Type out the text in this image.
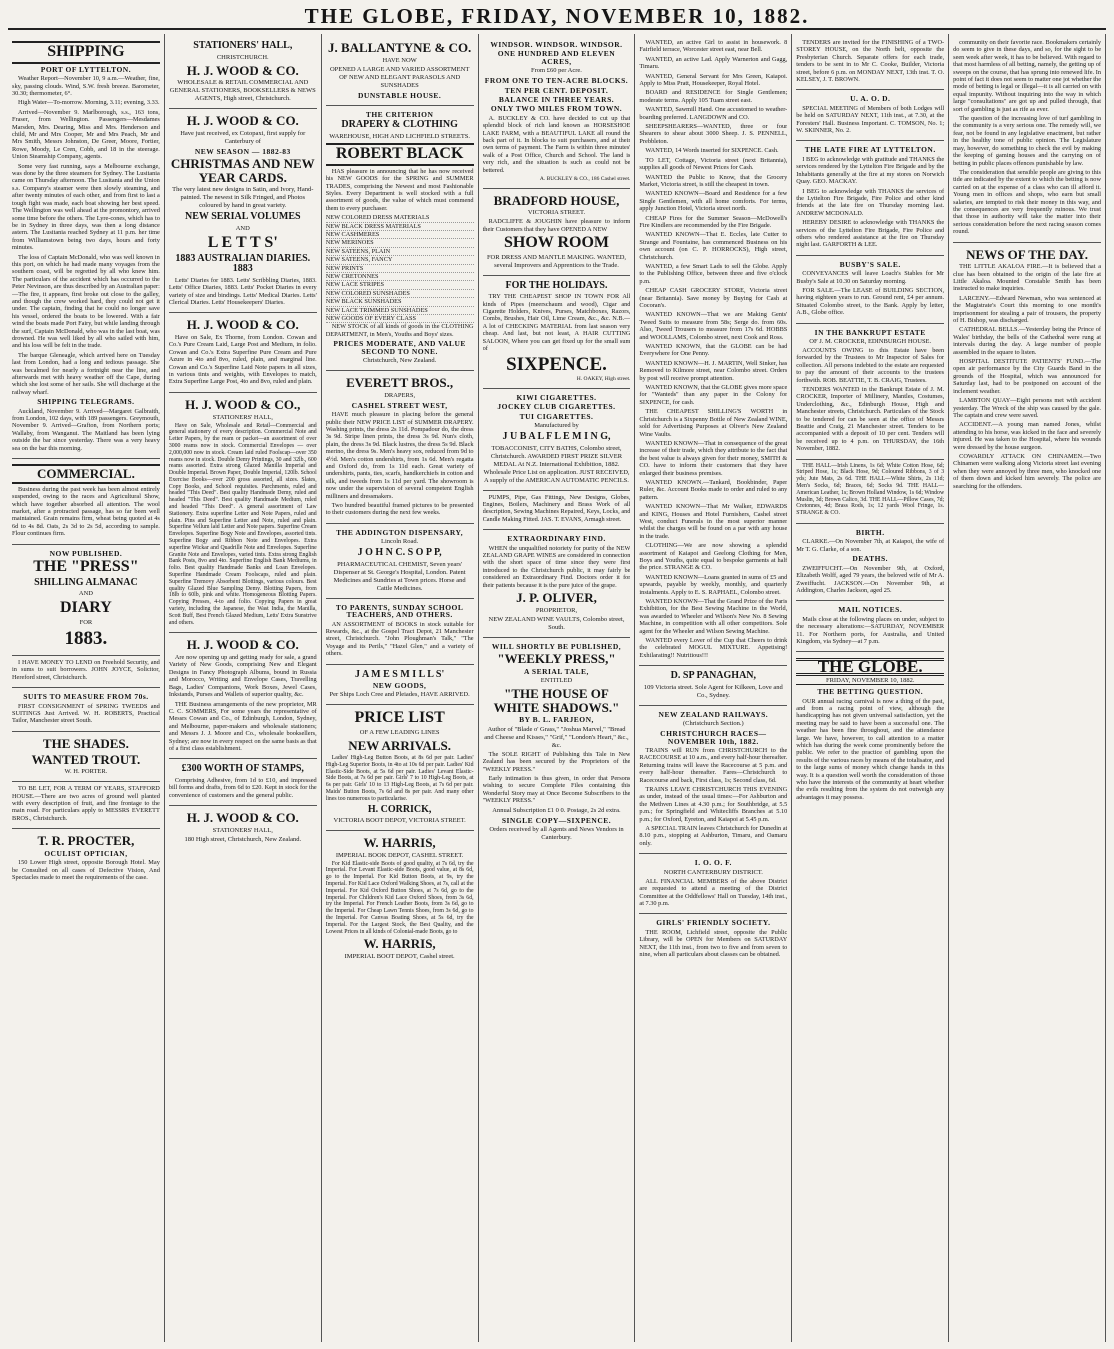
THE GLOBE, FRIDAY, NOVEMBER 10, 1882.
SHIPPING
PORT OF LYTTELTON.
Weather Report—November 10, 9 a.m.—Weather, fine, sky, passing clouds. Wind, S.W. fresh breeze. Barometer, 30.30; thermometer, 6°.
High Water—To-morrow. Morning, 3.11; evening, 3.33.
Arrived—November 9. Marlborough, s.s., 163 tons, Fraser, from Wellington. Passengers—Mesdames Marsden, Mrs. Dearing, Miss and Mrs. Henderson and child, Mr and Mrs Cooper, Mr and Mrs Peach, Mr and Mrs Smith, Messrs Johnston, De Greer, Moore, Fortier, Rowe, Moody, Le Cren, Cobb, and 18 in the steerage. Union Steamship Company, agents.
Some very fast running, says a Melbourne exchange, was done by the three steamers for Sydney. The Lusitania came on Thursday afternoon. The Lusitania and the Union s.s. Company's steamer were then slowly steaming, and after twenty minutes of each other, and from first to last a tough fight was made, each boat showing her best speed. The Wellington was well ahead at the promontory, arrived some time before the others. The Lyre-cones, which has to be in Sydney in three days, was then a long distance astern. The Lusitania reached Sydney at 11 p.m. her time from Williamstown being two days, hours and forty minutes.
The loss of Captain McDonald, who was well known in this port, on which he had made many voyages from the southern coast, will be regretted by all who knew him. The particulars of the accident which has occurred to the Peter Nevinson, are thus described by an Australian paper:—The fire, it appears, first broke out close to the galley, and though the crew worked hard, they could not get it under. The captain, finding that he could no longer save his vessel, ordered the boats to be lowered. With a fair wind the boats made Port Fairy, but while landing through the surf, Captain McDonald, who was in the last boat, was drowned. He was well liked by all who sailed with him, and his loss will be felt in the trade.
The barque Gleneagle, which arrived here on Tuesday last from London, had a long and tedious passage. She was becalmed for nearly a fortnight near the line, and afterwards met with heavy weather off the Cape, during which she lost some of her sails. She will discharge at the railway wharf.
SHIPPING TELEGRAMS.
Auckland, November 9. Arrived—Margaret Galbraith, from London, 102 days, with 189 passengers. Greymouth, November 9. Arrived—Grafton, from Northern ports; Wallaby, from Wanganui. The Maitland has been lying outside the bar since yesterday. There was a very heavy sea on the bar this morning.
COMMERCIAL.
Business during the past week has been almost entirely suspended, owing to the races and Agricultural Show, which have together absorbed all attention. The wool market, after a protracted passage, has so far been well maintained. Grain remains firm, wheat being quoted at 4s 6d to 4s 8d. Oats, 2s 3d to 2s 5d, according to sample. Flour continues firm.
NOW PUBLISHED.
THE "PRESS"
SHILLING ALMANAC
AND
DIARY
FOR
1883.
I HAVE MONEY TO LEND on Freehold Security, and in sums to suit borrowers. JOHN JOYCE, Solicitor, Hereford street, Christchurch.
SUITS TO MEASURE FROM 70s.
FIRST CONSIGNMENT of SPRING TWEEDS and SUITINGS Just Arrived. W. H. ROBERTS, Practical Tailor, Manchester street South.
THE SHADES.
WANTED TROUT.
W. H. PORTER.
TO BE LET, FOR A TERM OF YEARS, STAFFORD HOUSE.—There are two acres of ground well planted with every description of fruit, and fine frontage to the main road. For particulars apply to MESSRS EVERETT BROS., Christchurch.
T. R. PROCTER,
OCULIST OPTICIAN,
150 Lower High street, opposite Borough Hotel. May be Consulted on all cases of Defective Vision, And Spectacles made to meet the requirements of the case.
STATIONERS' HALL,
CHRISTCHURCH.
H. J. WOOD & CO.
WHOLESALE & RETAIL COMMERCIAL AND GENERAL STATIONERS, BOOKSELLERS & NEWS AGENTS, High street, Christchurch.
H. J. WOOD & CO.
Have just received, ex Cotopaxi, first supply for Canterbury of
NEW SEASON — 1882-83
CHRISTMAS AND NEW YEAR CARDS.
The very latest new designs in Satin, and Ivory, Hand-painted. The newest in Silk Fringed, and Photos coloured by hand in great variety.
NEW SERIAL VOLUMES
AND
L E T T S'
1883 AUSTRALIAN DIARIES. 1883
Letts' Diaries for 1883. Letts' Scribbling Diaries, 1883. Letts' Office Diaries, 1883. Letts' Pocket Diaries in every variety of size and bindings. Letts' Medical Diaries. Letts' Clerical Diaries. Letts' Housekeepers' Diaries.
H. J. WOOD & CO.
Have on Sale, Ex Thorne, from London. Cowan and Co.'s Pure Cream Laid, Large Post and Medium, in folio. Cowan and Co.'s Extra Superfine Pure Cream and Pure Azure in 4to and 8vo, ruled, plain, and marginal line. Cowan and Co.'s Superfine Laid Note papers in all sizes, in various tints and weights, with Envelopes to match, Extra Superfine Large Post, 4to and 8vo, ruled and plain.
H. J. WOOD & CO.,
STATIONERS' HALL,
Have on Sale, Wholesale and Retail—Commercial and general stationery of every description. Commercial Note and Letter Papers, by the ream or packet—an assortment of over 3000 reams now in stock. Commercial Envelopes — over 2,000,000 now in stock. Cream laid ruled Foolscap—over 350 reams now in stock. Double Demy Printings, 30 and 32lb., 600 reams assorted. Extra strong Glazed Manilla Imperial and Double Imperial. Brown Paper, Double Imperial, 120lb. School Exercise Books—over 200 gross assorted, all sizes. Slates, Copy Books, and School requisites. Parchments, ruled and headed "This Deed". Best quality Handmade Demy, ruled and headed "This Deed". Best quality Handmade Medium, ruled and headed "This Deed". A general assortment of Law Stationery. Extra superfine Letter and Note Papers, ruled and plain. Pins and Superfine Letter and Note, ruled and plain. Superfine Vellum laid Letter and Note papers. Superfine Cream Envelopes. Superfine Bogy Note and Envelopes, assorted tints. Superfine Bogy and Ribbon Note and Envelopes. Extra superfine Wickar and Quadrille Note and Envelopes. Superfine Granite Note and Envelopes, varied tints. Extra strong English Bank Posts, 8vo and 4to. Superfine English Bank Mediums, in folio. Best quality Handmade Banks and Loan Envelopes. Superfine Handmade Cream Foolscaps, ruled and plain. Superfine Tremovy Absorbent Blottings, various colours. Best quality Glazed Blue Sampling Demy. Blotting Papers, from 18lb to 60lb, pink and white. Homogeneous Blotting Papers. Copying Presses, 4-to and folio. Copying Papers in great variety, including the Japanese, the Wast India, the Manilla, Scott Buff, Best French Glazed Medium, Letts' Extra Sunstrive and others.
H. J. WOOD & CO.
Are now opening up and getting ready for sale, a grand Variety of New Goods, comprising New and Elegant Designs in Fancy Photograph Albums, bound in Russia and Morocco, Writing and Envelope Cases, Travelling Bags, Ladies' Companions, Work Boxes, Jewel Cases, Inkstands, Purses and Wallets of superior quality, &c.
THE Business arrangements of the new proprietor, MR C. C. SOMMERS, For some years the representative of Messrs Cowan and Co., of Edinburgh, London, Sydney, and Melbourne, paper-makers and wholesale stationers; and Messrs J. J. Moore and Co., wholesale booksellers, Sydney; are now in every respect on the same basis as that of a first class establishment.
£300 WORTH OF STAMPS,
Comprising Adhesive, from 1d to £10, and impressed bill forms and drafts, from 6d to £20. Kept in stock for the convenience of customers and the general public.
H. J. WOOD & CO.
STATIONERS' HALL,
180 High street, Christchurch, New Zealand.
J. BALLANTYNE & CO.
HAVE NOW
OPENED A LARGE AND VARIED ASSORTMENT OF NEW AND ELEGANT PARASOLS AND SUNSHADES
DUNSTABLE HOUSE.
THE CRITERION
DRAPERY & CLOTHING
WAREHOUSE, HIGH AND LICHFIELD STREETS.
ROBERT BLACK
HAS pleasure in announcing that he has now received his NEW GOODS for the SPRING and SUMMER TRADES, comprising the Newest and most Fashionable Styles. Every Department is well stocked with a full assortment of goods, the value of which must commend them to every purchaser.
NEW COLORED DRESS MATERIALS
NEW BLACK DRESS MATERIALS
NEW CASHMERES
NEW MERINOES
NEW SATEENS, PLAIN
NEW SATEENS, FANCY
NEW PRINTS
NEW CRETONNES
NEW LACE STRIPES
NEW COLORED SUNSHADES
NEW BLACK SUNSHADES
NEW LACE TRIMMED SUNSHADES
NEW GOODS OF EVERY CLASS
NEW STOCK of all kinds of goods in the CLOTHING DEPARTMENT, in Men's, Youths and Boys' sizes.
PRICES MODERATE, AND VALUE SECOND TO NONE.
Christchurch, New Zealand.
EVERETT BROS.,
DRAPERS,
CASHEL STREET WEST,
HAVE much pleasure in placing before the general public their NEW PRICE LIST of SUMMER DRAPERY. Washing prints, the dress 2s 11d. Pompadour do, the dress 3s 9d. Stripe linen prints, the dress 3s 9d. Nun's cloth, plain, the dress 3s 9d. Black lustres, the dress 5s 9d. Black merino, the dress 9s. Men's heavy sox, reduced from 9d to 4½d. Men's cotton undershirts, from 1s 6d. Men's regatta and Oxford do, from 1s 11d each. Great variety of undershirts, pants, ties, scarfs, handkerchiefs in cotton and silk, and tweeds from 1s 11d per yard. The showroom is now under the supervision of several competent English milliners and dressmakers.
Two hundred beautiful framed pictures to be presented to their customers during the next few weeks.
THE ADDINGTON DISPENSARY,
Lincoln Road.
J O H N C. S O P P,
PHARMACEUTICAL CHEMIST, Seven years' Dispenser at St. George's Hospital, London. Patent Medicines and Sundries at Town prices. Horse and Cattle Medicines.
TO PARENTS, SUNDAY SCHOOL TEACHERS, AND OTHERS.
AN ASSORTMENT of BOOKS in stock suitable for Rewards, &c., at the Gospel Tract Depot, 21 Manchester street, Christchurch. "John Ploughman's Talk," "The Voyage and its Perils," "Hazel Glen," and a variety of others.
J A M E S M I L L S'
NEW GOODS,
Per Ships Loch Cree and Pleiades, HAVE ARRIVED.
PRICE LIST
OF A FEW LEADING LINES
NEW ARRIVALS.
Ladies' High-Leg Button Boots, at 8s 6d per pair. Ladies' High-Leg Superior Boots, in 4to at 10s 6d per pair. Ladies' Kid Elastic-Side Boots, at 5s 6d per pair. Ladies' Levant Elastic-Side Boots, at 7s 6d per pair. Girls' 7 to 10 High-Leg Boots, at 6s per pair. Girls' 10 to 13 High-Leg Boots, at 7s 6d per pair. Maids' Button Boots, 7s 6d and 8s per pair. And many other lines too numerous to particularise.
H. CORRICK,
VICTORIA BOOT DEPOT, VICTORIA STREET.
W. HARRIS,
IMPERIAL BOOK DEPOT, CASHEL STREET.
For Kid Elastic-side Boots of good quality, at 7s 6d, try the Imperial. For Levant Elastic-side Boots, good value, at 8s 6d, go to the Imperial. For Kid Button Boots, at 9s, try the Imperial. For Kid Lace Oxford Walking Shoes, at 7s, call at the Imperial. For Kid Oxford Button Shoes, at 7s 6d, go to the Imperial. For Children's Kid Lace Oxford Shoes, from 3s 6d, try the Imperial. For French Leather Boots, from 3s 6d, go to the Imperial. For Cheap Lawn Tennis Shoes, from 3s 6d, go to the Imperial. For Canvas Boating Shoes, at 5s 6d, try the Imperial. For the Largest Stock, the Best Quality, and the Lowest Prices in all kinds of Colonial-made Boots, go to
W. HARRIS,
IMPERIAL BOOT DEPOT, Cashel street.
WINDSOR. WINDSOR. WINDSOR.
ONE HUNDRED AND ELEVEN ACRES,
From £60 per Acre.
FROM ONE TO TEN-ACRE BLOCKS.
TEN PER CENT. DEPOSIT.
BALANCE IN THREE YEARS.
ONLY TWO MILES FROM TOWN.
A. BUCKLEY & CO. have decided to cut up that splendid block of rich land known as HORSESHOE LAKE FARM, with a BEAUTIFUL LAKE all round the back part of it. In blocks to suit purchasers, and at their own terms of payment. The Farm is within three minutes' walk of a Post Office, Church and School. The land is very rich, and the situation is such as could not be bettered.
A. BUCKLEY & CO., 186 Cashel street.
BRADFORD HOUSE,
VICTORIA STREET.
RADCLIFFE & JOUGHIN have pleasure to inform their Customers that they have OPENED A NEW
SHOW ROOM
FOR DRESS AND MANTLE MAKING. WANTED, several Improvers and Apprentices to the Trade.
FOR THE HOLIDAYS.
TRY THE CHEAPEST SHOP IN TOWN FOR All kinds of Pipes (meerschaum and wood), Cigar and Cigarette Holders, Knives, Purses, Matchboxes, Razors, Combs, Brushes, Hair Oil, Lime Cream, &c., &c. N.B.—A lot of CHECKING MATERIAL from last season very cheap. And last, but not least, A HAIR CUTTING SALOON, Where you can get fixed up for the small sum of
SIXPENCE.
H. OAKEY, High street.
KIWI CIGARETTES.
JOCKEY CLUB CIGARETTES.
TUI CIGARETTES.
Manufactured by
J U B A L F L E M I N G,
TOBACCONIST, CITY BATHS, Colombo street, Christchurch. AWARDED FIRST PRIZE SILVER MEDAL At N.Z. International Exhibition, 1882. Wholesale Price List on application. JUST RECEIVED, A supply of the AMERICAN AUTOMATIC PENCILS.
PUMPS, Pipe, Gas Fittings, New Designs, Globes, Engines, Boilers, Machinery and Brass Work of all description, Sewing Machines Repaired, Keys, Locks, and Candle Making Fitted. JAS. T. EVANS, Armagh street.
EXTRAORDINARY FIND.
WHEN the unqualified notoriety for purity of the NEW ZEALAND GRAPE WINES are considered in connection with the short space of time since they were first introduced to the Christchurch public, it may fairly be considered an Extraordinary Find. Doctors order it for their patients because it is the pure juice of the grape.
J. P. OLIVER,
PROPRIETOR,
NEW ZEALAND WINE VAULTS, Colombo street, South.
WILL SHORTLY BE PUBLISHED,
"WEEKLY PRESS,"
A SERIAL TALE,
ENTITLED
"THE HOUSE OF WHITE SHADOWS."
BY B. L. FARJEON,
Author of "Blade o' Grass," "Joshua Marvel," "Bread and Cheese and Kisses," "Grif," "London's Heart," &c., &c.
The SOLE RIGHT of Publishing this Tale in New Zealand has been secured by the Proprietors of the "WEEKLY PRESS."
Early intimation is thus given, in order that Persons wishing to secure Complete Files containing this Wonderful Story may at Once Become Subscribers to the "WEEKLY PRESS."
Annual Subscription £1 0 0. Postage, 2s 2d extra.
SINGLE COPY—SIXPENCE.
Orders received by all Agents and News Vendors in Canterbury.
WANTED, an active Girl to assist in housework. 8 Fairfield terrace, Worcester street east, near Bell.
WANTED, an active Lad. Apply Warnerton and Gagg, Timaru.
WANTED, General Servant for Mrs Green, Kaiapoi. Apply to Miss Pratt, Housekeeper, Royal Hotel.
BOARD and RESIDENCE for Single Gentlemen; moderate terms. Apply 105 Tuam street east.
WANTED, Sawmill Hand. One accustomed to weather-boarding preferred. LANGDOWN and CO.
SHEEPSHEARERS—WANTED, three or four Shearers to shear about 3000 Sheep. J. S. PENNELL, Prebbleton.
WANTED, 14 Words inserted for SIXPENCE. Cash.
TO LET, Cottage, Victoria street (next Britannia), supplies all goods of Newest Prices for Cash.
WANTED the Public to Know, that the Grocery Market, Victoria street, is still the cheapest in town.
WANTED KNOWN—Board and Residence for a few Single Gentlemen, with all home comforts. For terms, apply Junction Hotel, Victoria street north.
CHEAP Fires for the Summer Season—McDowell's Fire Kindlers are recommended by the Fire Brigade.
WANTED KNOWN—That E. Eccles, late Cutter to Strange and Fountaine, has commenced Business on his own account (on C. P. HORROCKS), High street, Christchurch.
WANTED, a few Smart Lads to sell the Globe. Apply to the Publishing Office, between three and five o'clock p.m.
CHEAP CASH GROCERY STORE, Victoria street (near Britannia). Save money by Buying for Cash at Cocoran's.
WANTED KNOWN—That we are Making Gents' Tweed Suits to measure from 58s; Serge do. from 60s. Also, Tweed Trousers to measure from 17s 6d. HOBBS and WOOLLAMS, Colombo street, next Cook and Ross.
WANTED KNOWN, that the GLOBE can be had Everywhere for One Penny.
WANTED KNOWN—H. J. MARTIN, Well Sinker, has Removed to Kilmore street, near Colombo street. Orders by post will receive prompt attention.
WANTED KNOWN, that the GLOBE gives more space for "Wanteds" than any paper in the Colony for SIXPENCE, for cash.
THE CHEAPEST SHILLING'S WORTH in Christchurch is a Sixpenny Bottle of New Zealand WINE, sold for Advertising Purposes at Oliver's New Zealand Wine Vaults.
WANTED KNOWN—That in consequence of the great increase of their trade, which they attribute to the fact that the best value is always given for their money, SMITH & CO. have to inform their customers that they have enlarged their business premises.
WANTED KNOWN.—Tankard, Bookbinder, Paper Ruler, &c. Account Books made to order and ruled to any pattern.
WANTED KNOWN—That Mr Walker, EDWARDS and KING, Houses and Hotel Furnishers, Cashel street West, conduct Funerals in the most superior manner whilst the charges will be found on a par with any house in the trade.
CLOTHING—We are now showing a splendid assortment of Kaiapoi and Geelong Clothing for Men, Boys and Youths, quite equal to bespoke garments at half the price. STRANGE & CO.
WANTED KNOWN—Loans granted in sums of £5 and upwards, payable by weekly, monthly, and quarterly instalments. Apply to E. S. RAPHAEL, Colombo street.
WANTED KNOWN—That the Grand Prize of the Paris Exhibition, for the Best Sewing Machine in the World, was awarded to Wheeler and Wilson's New No. 8 Sewing Machine, in competition with all other competitors. Sole agent for the Wheeler and Wilson Sewing Machine.
WANTED every Lover of the Cup that Cheers to drink the celebrated MOGUL MIXTURE. Appetising! Exhilarating!! Nutritious!!!
D. SP PANAGHAN,
109 Victoria street. Sole Agent for Kilkeen, Love and Co., Sydney.
NEW ZEALAND RAILWAYS.
(Christchurch Section.)
CHRISTCHURCH RACES—NOVEMBER 10th, 1882.
TRAINS will RUN from CHRISTCHURCH to the RACECOURSE at 10 a.m., and every half-hour thereafter. Returning trains will leave the Racecourse at 5 p.m. and every half-hour thereafter. Fares—Christchurch to Racecourse and back, First class, 1s; Second class, 6d.
TRAINS LEAVE CHRISTCHURCH THIS EVENING as under, instead of the usual times:—For Ashburton and the Methven Lines at 4.30 p.m.; for Southbridge, at 5.5 p.m.; for Springfield and Whitecliffs Branches at 5.10 p.m.; for Oxford, Eyreton, and Kaiapoi at 5.45 p.m.
A SPECIAL TRAIN leaves Christchurch for Dunedin at 8.10 p.m., stopping at Ashburton, Timaru, and Oamaru only.
I. O. O. F.
NORTH CANTERBURY DISTRICT.
ALL FINANCIAL MEMBERS of the above District are requested to attend a meeting of the District Committee at the Oddfellows' Hall on Tuesday, 14th inst., at 7.30 p.m.
GIRLS' FRIENDLY SOCIETY.
THE ROOM, Lichfield street, opposite the Public Library, will be OPEN for Members on SATURDAY NEXT, the 11th inst., from two to five and from seven to nine, when all particulars about classes can be obtained.
TENDERS are invited for the FINISHING of a TWO-STOREY HOUSE, on the North belt, opposite the Presbyterian Church. Separate offers for each trade, tenders to be sent in to Mr C. Cooke, Builder, Victoria street, before 6 p.m. on MONDAY NEXT, 13th inst. T. O. KELSEY, J. T. BROWN.
U. A. O. D.
SPECIAL MEETING of Members of both Lodges will be held on SATURDAY NEXT, 11th inst., at 7.30, at the Foresters' Hall. Business Important. C. TOMSON, No. 1; W. SKINNER, No. 2.
THE LATE FIRE AT LYTTELTON.
I BEG to acknowledge with gratitude and THANKS the services rendered by the Lyttelton Fire Brigade and by the Inhabitants generally at the fire at my stores on Norwich Quay. GEO. MACKAY.
I BEG to acknowledge with THANKS the services of the Lyttelton Fire Brigade, Fire Police and other kind friends at the late fire on Thursday morning last. ANDREW MCDONALD.
HEREBY DESIRE to acknowledge with THANKS the services of the Lyttelton Fire Brigade, Fire Police and others who rendered assistance at the fire on Thursday night last. GARFORTH & LEE.
BUSBY'S SALE.
CONVEYANCES will leave Loach's Stables for Mr Busby's Sale at 10.30 on Saturday morning.
FOR SALE.—The LEASE of BUILDING SECTION, having eighteen years to run. Ground rent, £4 per annum. Situated Colombo street, to the Bank. Apply by letter, A.B., Globe office.
IN THE BANKRUPT ESTATE
OF J. M. CROCKER, EDINBURGH HOUSE.
ACCOUNTS OWING to this Estate have been forwarded by the Trustees to Mr Inspector of Sales for collection. All persons indebted to the estate are requested to pay the amount of their accounts to the trustees forthwith. ROB. BEATTIE, T. B. CRAIG, Trustees.
TENDERS WANTED in the Bankrupt Estate of J. M. CROCKER, Importer of Millinery, Mantles, Costumes, Underclothing, &c., Edinburgh House, High and Manchester streets, Christchurch. Particulars of the Stock to be tendered for can be seen at the office of Messrs Beattie and Craig, 21 Manchester street. Tenders to be accompanied with a deposit of 10 per cent. Tenders will be received up to 4 p.m. on THURSDAY, the 16th November, 1882.
THE HALL—Irish Linens, 1s 6d; White Cotton Hose, 6d; Striped Hose, 1s; Black Hose, 9d; Coloured Ribbons, 3 of 3 yds; Jute Mats, 2s 6d. THE HALL—White Shirts, 2s 11d; Men's Socks, 6d; Braces, 6d; Socks 9d. THE HALL—American Leather, 1s; Brown Holland Window, 1s 6d; Window Muslin, 3d; Brown Calico, 3d. THE HALL—Pillow Cases, 7d; Cretonnes, 4d; Brass Rods, 1s; 12 yards Wool Fringe, 1s. STRANGE & CO.
BIRTH.
CLARKE.—On November 7th, at Kaiapoi, the wife of Mr T. G. Clarke, of a son.
DEATHS.
ZWEIFFUCHT.—On November 9th, at Oxford, Elizabeth Wolff, aged 79 years, the beloved wife of Mr A. Zweiffucht. JACKSON.—On November 9th, at Addington, Charles Jackson, aged 25.
MAIL NOTICES.
Mails close at the following places on under, subject to the necessary alterations:—SATURDAY, NOVEMBER 11. For Northern ports, for Australia, and United Kingdom, via Sydney—at 7 p.m.
THE GLOBE.
FRIDAY, NOVEMBER 10, 1882.
THE BETTING QUESTION.
OUR annual racing carnival is now a thing of the past, and from a racing point of view, although the handicapping has not given universal satisfaction, yet the meeting may be said to have been a successful one. The weather has been fine throughout, and the attendance large. We have, however, to call attention to a matter which has during the week come prominently before the public. We refer to the practice of gambling upon the results of the various races by means of the totalisator, and to the large sums of money which change hands in this way. It is a question well worth the consideration of those who have the interests of the community at heart whether the evils resulting from the system do not outweigh any advantages it may possess.
community on their favorite race. Bookmakers certainly do seem to give in these days, and so, for the sight to be seen week after week, it has to be believed. With regard to that most harmless of all betting, namely, the getting up of sweeps on the course, that has sprung into renewed life. In point of fact it does not seem to matter one jot whether the mode of betting is legal or illegal—it is all carried on with equal impunity. Without inquiring into the way in which large "consultations" are got up and pulled through, that sort of gambling is just as rife as ever.
The question of the increasing love of turf gambling in the community is a very serious one. The remedy will, we fear, not be found in any legislative enactment, but rather in the healthy tone of public opinion. The Legislature may, however, do something to check the evil by making the keeping of gaming houses and the carrying on of betting in public places offences punishable by law.
The consideration that sensible people are giving to this tide are indicated by the extent to which the betting is now carried on at the expense of a class who can ill afford it. Young men in offices and shops, who earn but small salaries, are tempted to risk their money in this way, and the consequences are very frequently ruinous. We trust that those in authority will take the matter into their serious consideration before the next racing season comes round.
NEWS OF THE DAY.
THE LITTLE AKALOA FIRE.—It is believed that a clue has been obtained to the origin of the late fire at Little Akaloa. Mounted Constable Smith has been instructed to make inquiries.
LARCENY.—Edward Newman, who was sentenced at the Magistrate's Court this morning to one month's imprisonment for stealing a pair of trousers, the property of H. Bishop, was discharged.
CATHEDRAL BELLS.—Yesterday being the Prince of Wales' birthday, the bells of the Cathedral were rung at intervals during the day. A large number of people assembled in the square to listen.
HOSPITAL DESTITUTE PATIENTS' FUND.—The open air performance by the City Guards Band in the grounds of the Hospital, which was announced for Saturday last, had to be postponed on account of the inclement weather.
LAMBTON QUAY—Eight persons met with accident yesterday. The Wreck of the ship was caused by the gale. The captain and crew were saved.
ACCIDENT.—A young man named Jones, whilst attending to his horse, was kicked in the face and severely injured. He was taken to the Hospital, where his wounds were dressed by the house surgeon.
COWARDLY ATTACK ON CHINAMEN.—Two Chinamen were walking along Victoria street last evening when they were annoyed by three men, who knocked one of them down and kicked him severely. The police are searching for the offenders.
